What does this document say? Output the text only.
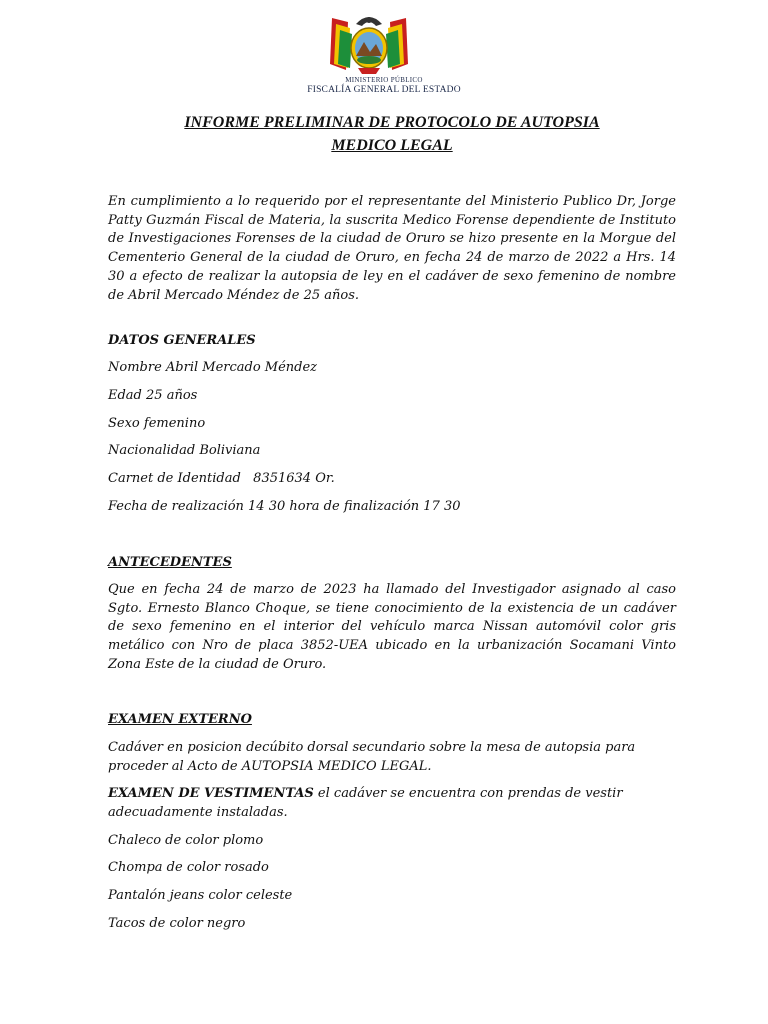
MINISTERIO PÚBLICO
FISCALÍA GENERAL DEL ESTADO
INFORME PRELIMINAR DE PROTOCOLO DE AUTOPSIA
MEDICO LEGAL
En cumplimiento a lo requerido por el representante del Ministerio Publico Dr, Jorge Patty Guzmán Fiscal de Materia, la suscrita Medico Forense dependiente de Instituto de Investigaciones Forenses de la ciudad de Oruro se hizo presente en la Morgue del Cementerio General de la ciudad de Oruro, en fecha 24 de marzo de 2022 a Hrs. 14 30 a efecto de realizar la autopsia de ley en el cadáver de sexo femenino de nombre de Abril Mercado Méndez de 25 años.
DATOS GENERALES
Nombre Abril Mercado Méndez
Edad 25 años
Sexo femenino
Nacionalidad Boliviana
Carnet de Identidad   8351634 Or.
Fecha de realización 14 30 hora de finalización 17 30
ANTECEDENTES
Que en fecha 24 de marzo de 2023 ha llamado del Investigador asignado al caso Sgto. Ernesto Blanco Choque, se tiene conocimiento de la existencia de un cadáver de sexo femenino en el interior del vehículo marca Nissan automóvil color gris metálico con Nro de placa 3852-UEA ubicado en la urbanización Socamani Vinto Zona Este de la ciudad de Oruro.
EXAMEN EXTERNO
Cadáver en posicion decúbito dorsal secundario sobre la mesa de autopsia para proceder al Acto de AUTOPSIA MEDICO LEGAL.
EXAMEN DE VESTIMENTAS el cadáver se encuentra con prendas de vestir adecuadamente instaladas.
Chaleco de color plomo
Chompa de color rosado
Pantalón jeans color celeste
Tacos de color negro
